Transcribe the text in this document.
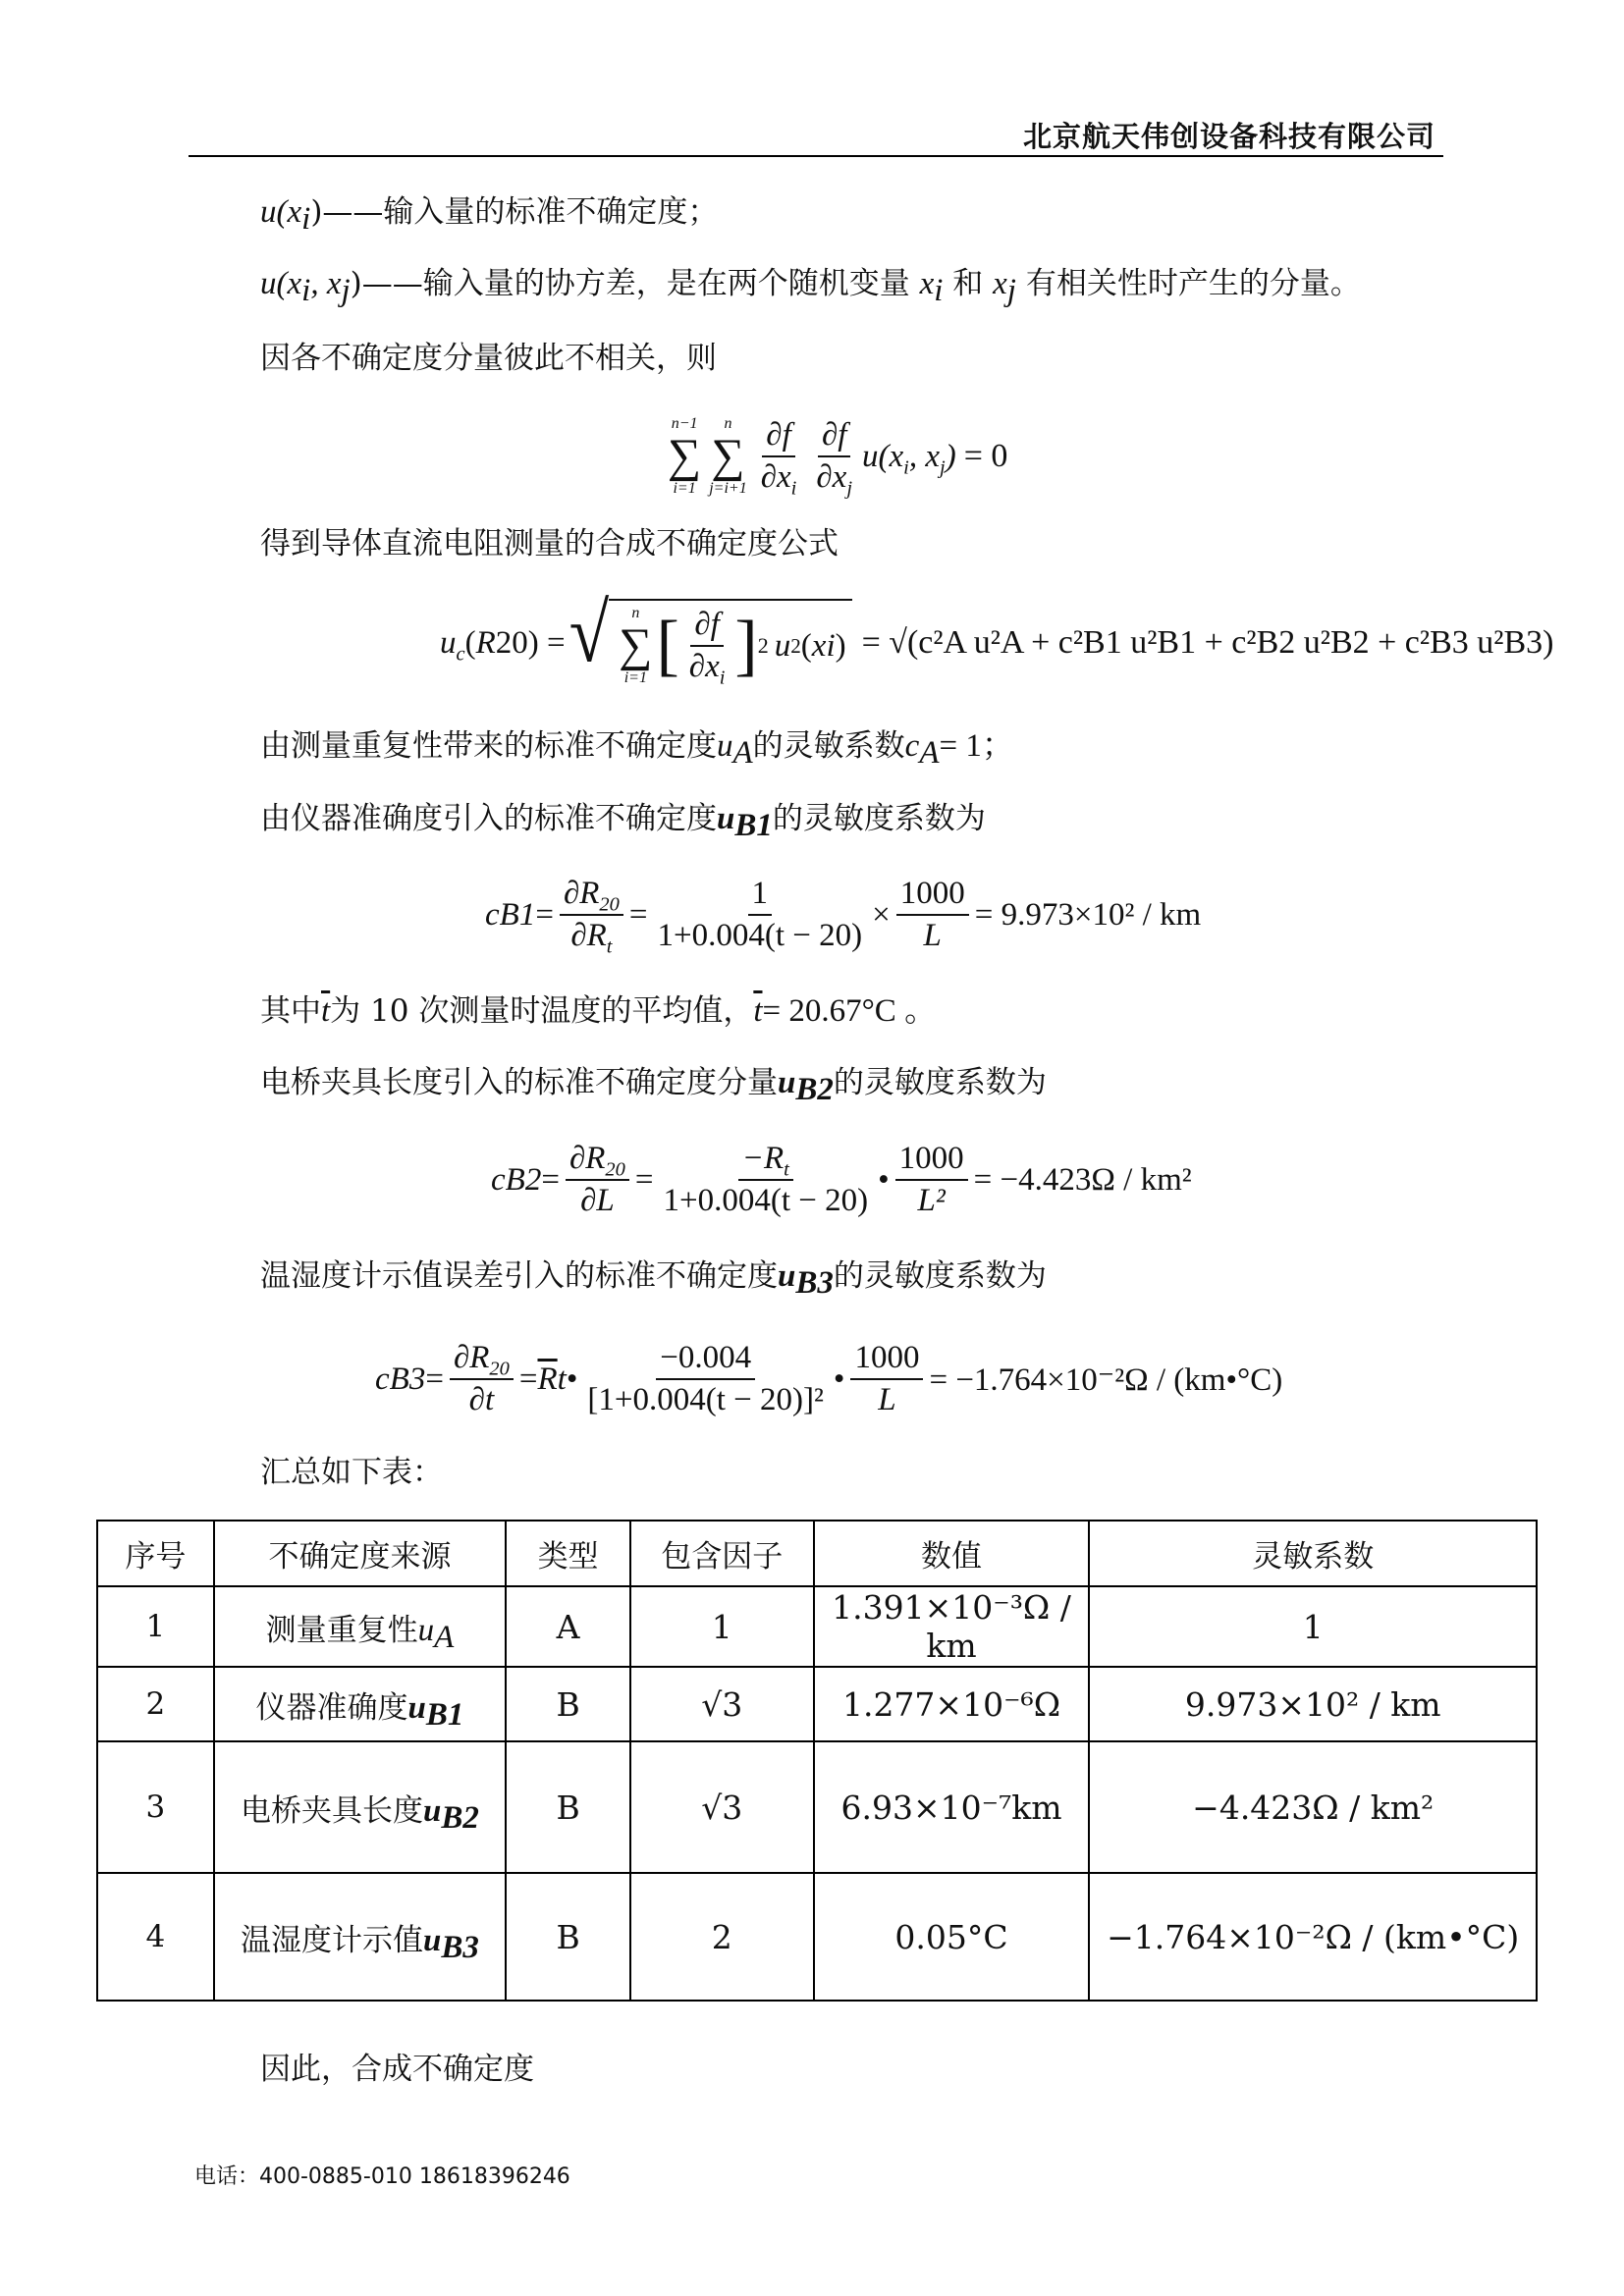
北京航天伟创设备科技有限公司
$u(x_i)——$输入量的标准不确定度；
$u(x_i$, $x_j)——$输入量的协方差，是在两个随机变量 $x_i$ 和 $x_j$ 有相关性时产生的分量。
因各不确定度分量彼此不相关，则
n−1
∑
i=1
n
∑
$j=i+1 \frac{\partial f}{\partial x_i} \frac{\partial f}{\partial x_j} u(x_i$, $x_j) = 0$
得到导体直流电阻测量的合成不确定度公式
$u_c$ ( R 20 ) = √ n
∑
i=1 [ $\frac{\partial f}{\partial x_i}$ ] 2 u 2 ( x i ) = √(c²A u²A + c²B1 u²B1 + c²B2 u²B2 + c²B3 u²B3)
由测量重复性带来的标准不确定度$u_A$的灵敏系数$c_A= 1$；
由仪器准确度引入的标准不确定度$u_{B1}$的灵敏度系数为
c $B1 = \frac{\partial R_{20}}{\partial R_t} = \frac{1}{1+0.004(t - 20)} \times \frac{1000}{L} = 9.973\times 10^2$ / km
其中$\overline{t}$为 10 次测量时温度的平均值，$\overline{t}= 20.67^\circ C$ 。
电桥夹具长度引入的标准不确定度分量$u_{B2}$的灵敏度系数为
c $B2 = \frac{\partial R_{20}}{\partial L} = \frac{-R_t}{1+0.004(t - 20)}$ • $\frac{1000}{\text{L²}} = -4.423\Omega / km^2$
温湿度计示值误差引入的标准不确定度$u_{B3}$的灵敏度系数为
c $B3 = \frac{\partial R_{20}}{\partial t} = \overline{R}$ t • $\frac{-0.004}{\text{[1+0.004(t − 20)]²}}$ • $\frac{1000}{L} = -1.764\times 10^{-2}\Omega$ / (km•°C)
汇总如下表：
序号	不确定度来源	类型	包含因子	数值	灵敏系数
1	测量重复性$u_A$	A	1	1.391×10⁻³Ω / km	1
2	仪器准确度$u_{B1}$	B	√3	1.277×10⁻⁶Ω	9.973×10² / km
3	电桥夹具长度$u_{B2}$	B	√3	6.93×10⁻⁷km	−4.423Ω / km²
4	温湿度计示值$u_{B3}$	B	2	0.05°C	−1.764×10⁻²Ω / (km•°C)
因此，合成不确定度
电话：400-0885-010 18618396246
